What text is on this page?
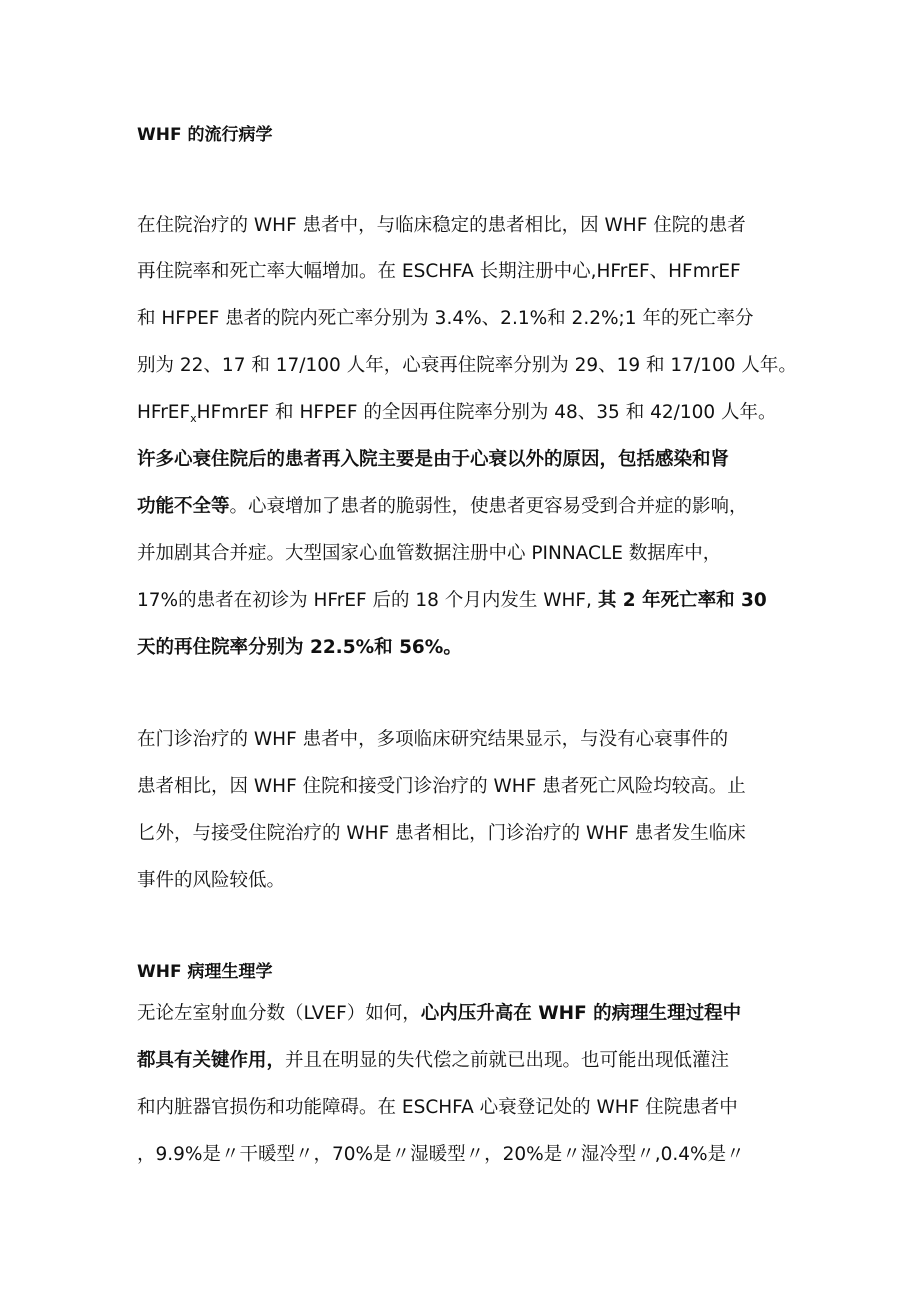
WHF 的流行病学
在住院治疗的 WHF 患者中，与临床稳定的患者相比，因 WHF 住院的患者
再住院率和死亡率大幅增加。在 ESCHFA 长期注册中心,HFrEF、HFmrEF
和 HFPEF 患者的院内死亡率分别为 3.4%、2.1%和 2.2%;1 年的死亡率分
别为 22、17 和 17/100 人年，心衰再住院率分别为 29、19 和 17/100 人年。
HFrEF$_x$HFmrEF 和 HFPEF 的全因再住院率分别为 48、35 和 42/100 人年。
许多心衰住院后的患者再入院主要是由于心衰以外的原因，包括感染和肾
功能不全等。心衰增加了患者的脆弱性，使患者更容易受到合并症的影响，
并加剧其合并症。大型国家心血管数据注册中心 PINNACLE 数据库中，
17%的患者在初诊为 HFrEF 后的 18 个月内发生 WHF, 其 2 年死亡率和 30
天的再住院率分别为 22.5%和 56%。
在门诊治疗的 WHF 患者中，多项临床研究结果显示，与没有心衰事件的
患者相比，因 WHF 住院和接受门诊治疗的 WHF 患者死亡风险均较高。止
匕外，与接受住院治疗的 WHF 患者相比，门诊治疗的 WHF 患者发生临床
事件的风险较低。
WHF 病理生理学
无论左室射血分数（LVEF）如何，心内压升高在 WHF 的病理生理过程中
都具有关键作用，并且在明显的失代偿之前就已出现。也可能出现低灌注
和内脏器官损伤和功能障碍。在 ESCHFA 心衰登记处的 WHF 住院患者中
，9.9%是〃干暖型〃，70%是〃湿暖型〃，20%是〃湿冷型〃,0.4%是〃
